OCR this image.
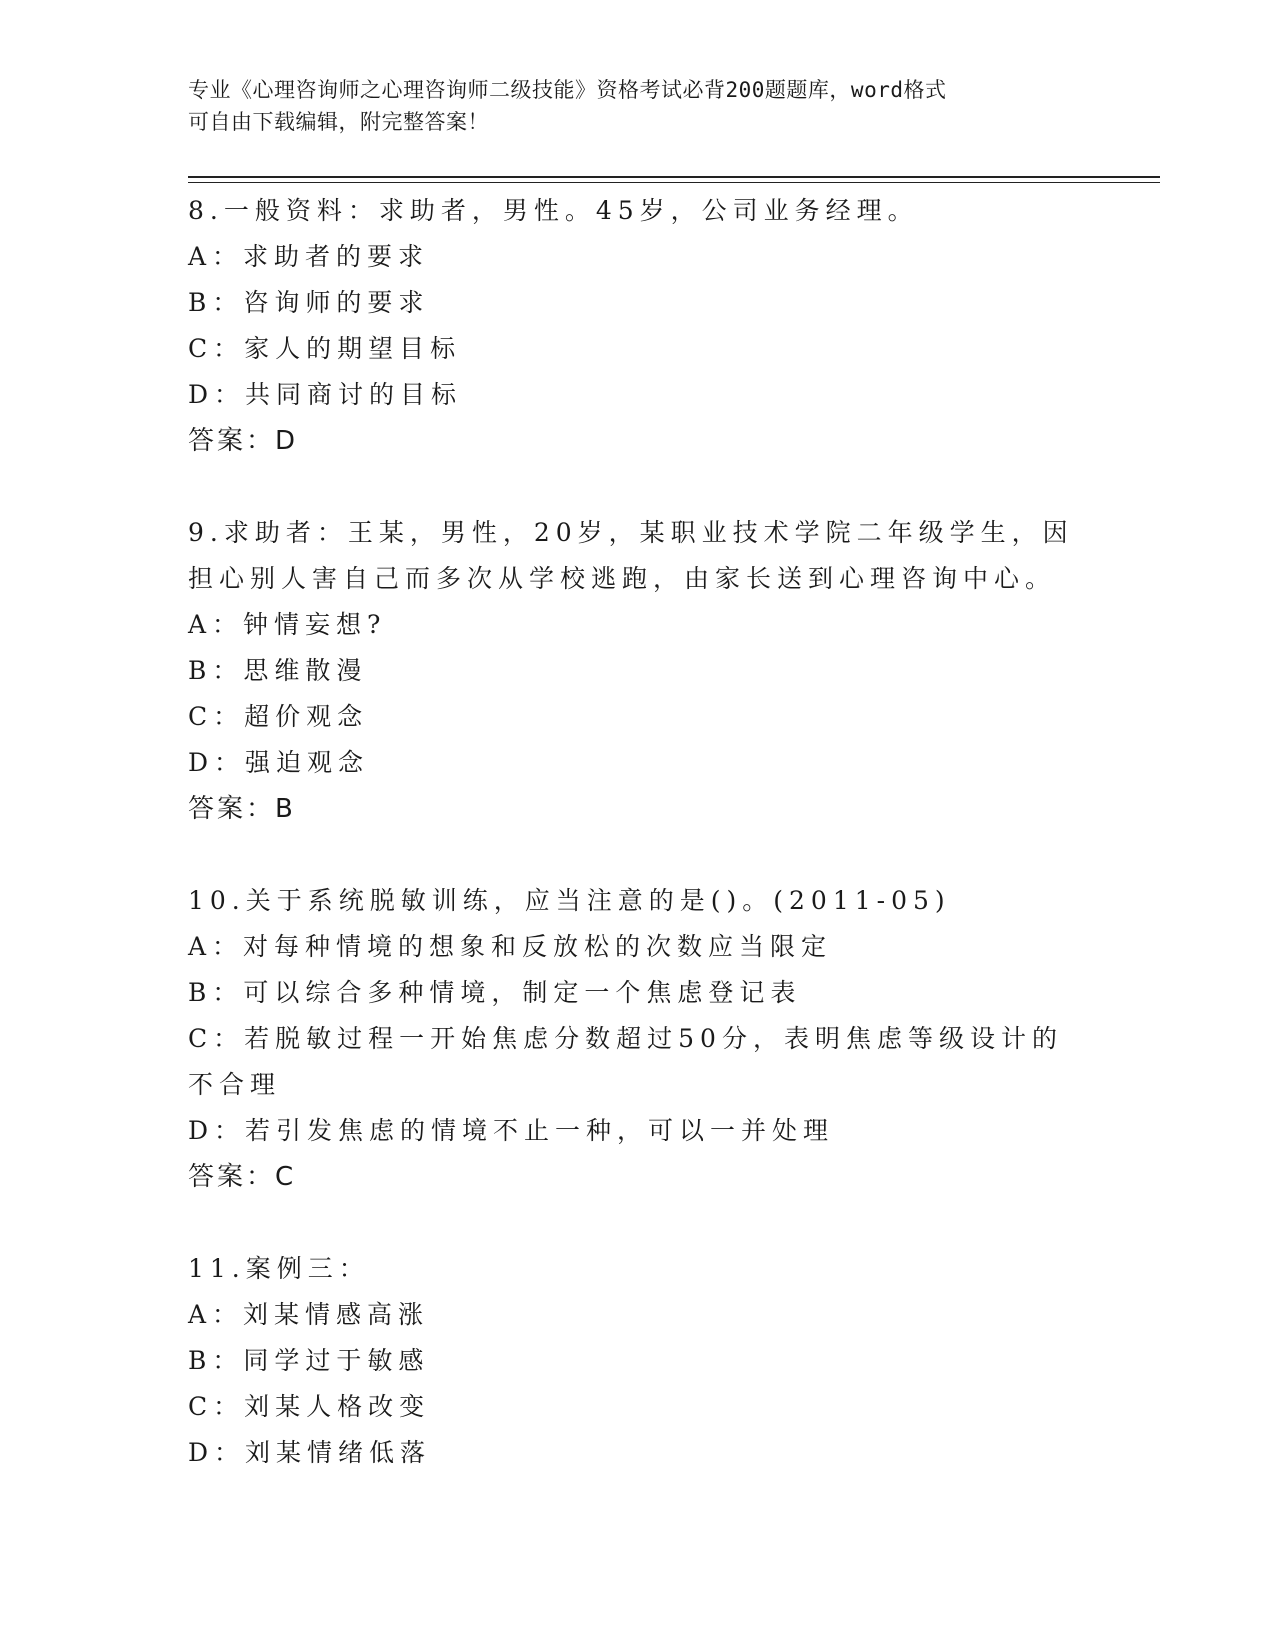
专业《心理咨询师之心理咨询师二级技能》资格考试必背200题题库，word格式
可自由下载编辑，附完整答案！
8.一般资料：求助者，男性。45岁，公司业务经理。
A：求助者的要求
B：咨询师的要求
C：家人的期望目标
D：共同商讨的目标
答案：D
9.求助者：王某，男性，20岁，某职业技术学院二年级学生，因担心别人害自己而多次从学校逃跑，由家长送到心理咨询中心。
A：钟情妄想?
B：思维散漫
C：超价观念
D：强迫观念
答案：B
10.关于系统脱敏训练，应当注意的是()。(2011-05)
A：对每种情境的想象和反放松的次数应当限定
B：可以综合多种情境，制定一个焦虑登记表
C：若脱敏过程一开始焦虑分数超过50分，表明焦虑等级设计的不合理
D：若引发焦虑的情境不止一种，可以一并处理
答案：C
11.案例三：
A：刘某情感高涨
B：同学过于敏感
C：刘某人格改变
D：刘某情绪低落
